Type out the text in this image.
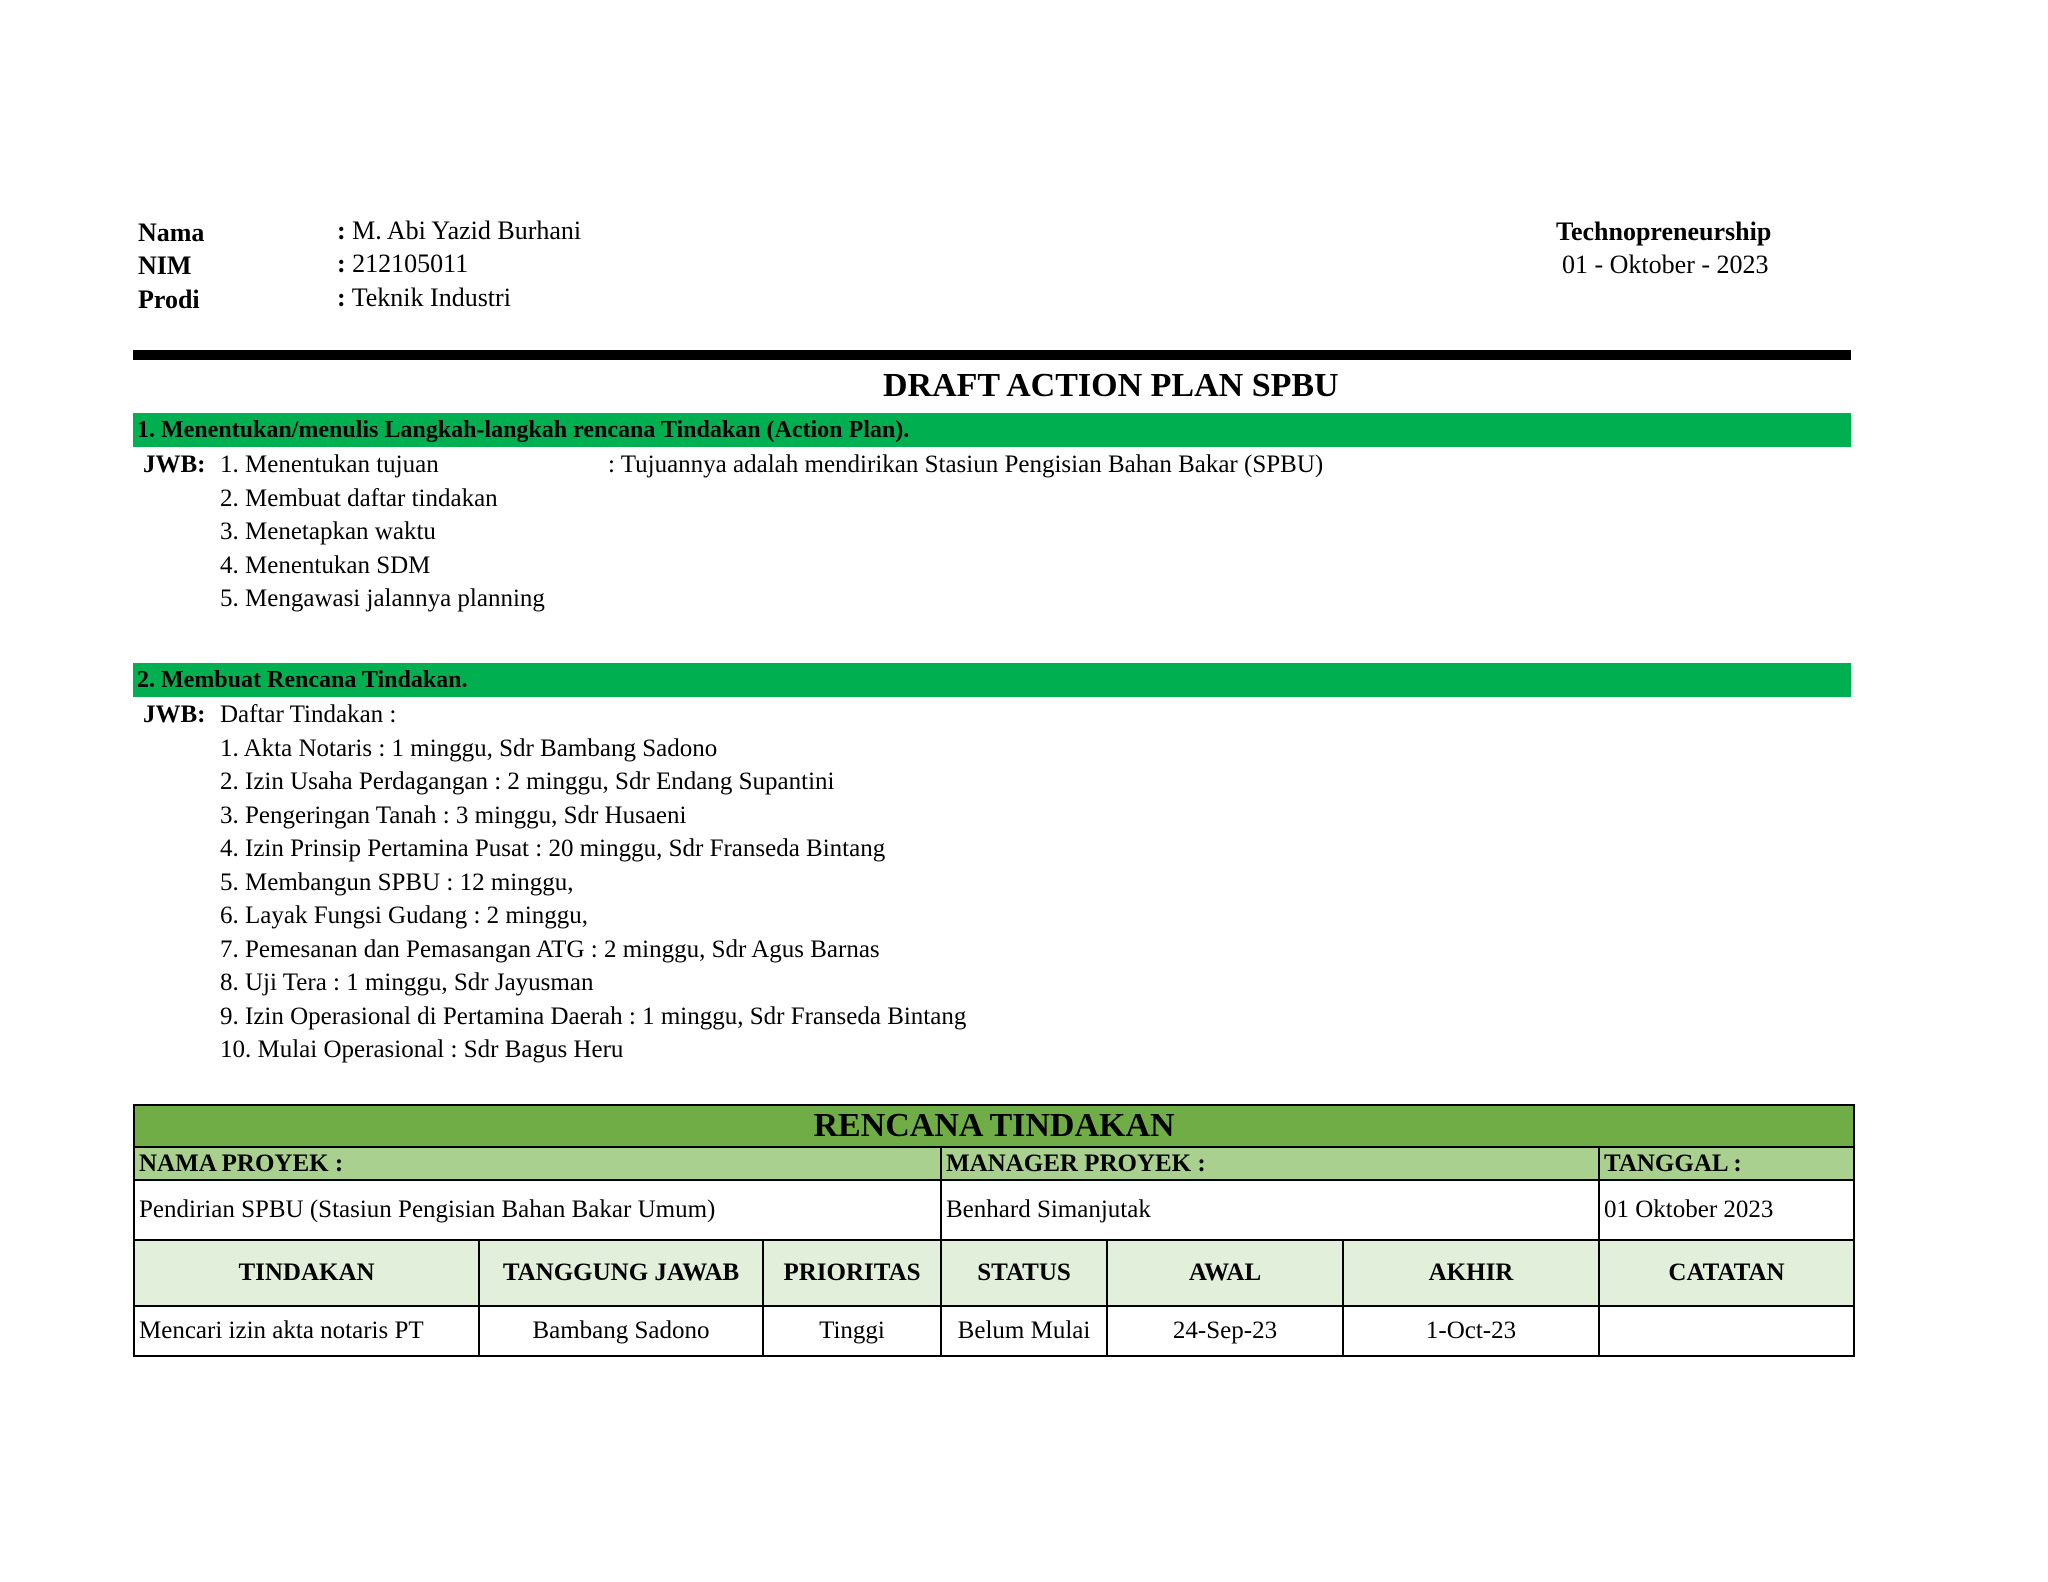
Nama	: M. Abi Yazid Burhani
NIM	: 212105011
Prodi	: Teknik Industri
Technopreneurship
01 - Oktober - 2023
DRAFT ACTION PLAN SPBU
1. Menentukan/menulis Langkah-langkah rencana Tindakan (Action Plan).
JWB: 1. Menentukan tujuan	: Tujuannya adalah mendirikan Stasiun Pengisian Bahan Bakar (SPBU)
2. Membuat daftar tindakan
3. Menetapkan waktu
4. Menentukan SDM
5. Mengawasi jalannya planning
2. Membuat Rencana Tindakan.
JWB: Daftar Tindakan :
1. Akta Notaris : 1 minggu, Sdr Bambang Sadono
2. Izin Usaha Perdagangan : 2 minggu, Sdr Endang Supantini
3. Pengeringan Tanah : 3 minggu, Sdr Husaeni
4. Izin Prinsip Pertamina Pusat : 20 minggu, Sdr Franseda Bintang
5. Membangun SPBU : 12 minggu,
6. Layak Fungsi Gudang : 2 minggu,
7. Pemesanan dan Pemasangan ATG : 2 minggu, Sdr Agus Barnas
8. Uji Tera : 1 minggu, Sdr Jayusman
9. Izin Operasional di Pertamina Daerah : 1 minggu, Sdr Franseda Bintang
10. Mulai Operasional : Sdr Bagus Heru
RENCANA TINDAKAN						
NAMA PROYEK :			MANAGER PROYEK :			TANGGAL :
Pendirian SPBU (Stasiun Pengisian Bahan Bakar Umum)			Benhard Simanjutak			01 Oktober 2023
TINDAKAN	TANGGUNG JAWAB	PRIORITAS	STATUS	AWAL	AKHIR	CATATAN
Mencari izin akta notaris PT	Bambang Sadono	Tinggi	Belum Mulai	24-Sep-23	1-Oct-23	
